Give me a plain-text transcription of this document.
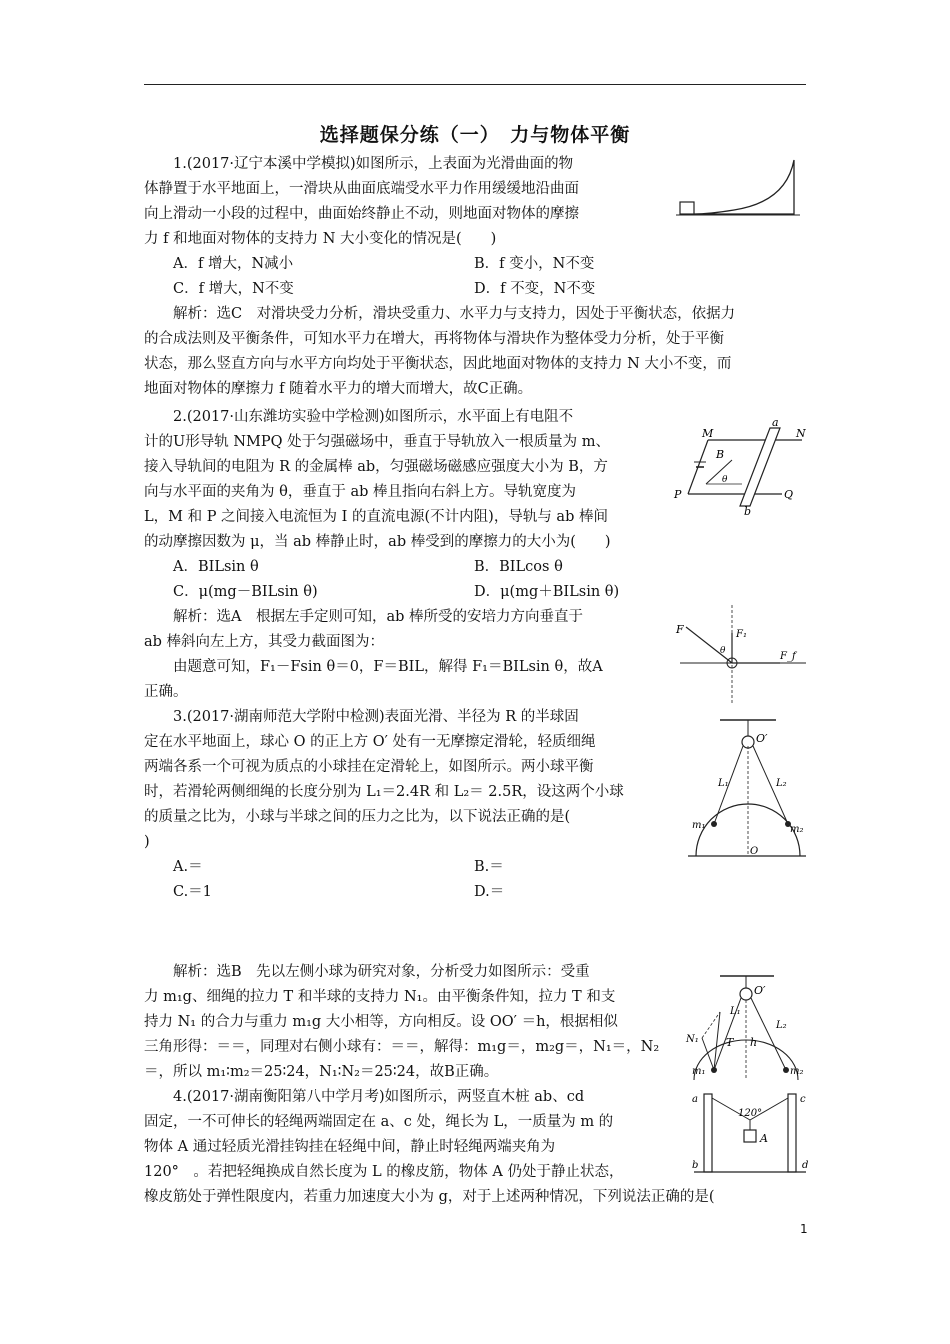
选择题保分练（一）　力与物体平衡

1.(2017·辽宁本溪中学模拟)如图所示，上表面为光滑曲面的物

体静置于水平地面上，一滑块从曲面底端受水平力作用缓缓地沿曲面

向上滑动一小段的过程中，曲面始终静止不动，则地面对物体的摩擦

力 f 和地面对物体的支持力 N 大小变化的情况是(　　)

A．f 增大，N减小	B．f 变小，N不变
C．f 增大，N不变	D．f 不变，N不变

解析：选C　对滑块受力分析，滑块受重力、水平力与支持力，因处于平衡状态，依据力

的合成法则及平衡条件，可知水平力在增大，再将物体与滑块作为整体受力分析，处于平衡

状态，那么竖直方向与水平方向均处于平衡状态，因此地面对物体的支持力 N 大小不变，而

地面对物体的摩擦力 f 随着水平力的增大而增大，故C正确。

2.(2017·山东潍坊实验中学检测)如图所示，水平面上有电阻不

计的U形导轨 NMPQ 处于匀强磁场中，垂直于导轨放入一根质量为 m、

接入导轨间的电阻为 R 的金属棒 ab，匀强磁场磁感应强度大小为 B，方

向与水平面的夹角为 θ，垂直于 ab 棒且指向右斜上方。导轨宽度为

L，M 和 P 之间接入电流恒为 I 的直流电源(不计内阻)，导轨与 ab 棒间

的动摩擦因数为 μ，当 ab 棒静止时，ab 棒受到的摩擦力的大小为(　　)

A．BILsin θ	B．BILcos θ
C．μ(mg－BILsin θ)	D．μ(mg＋BILsin θ)

解析：选A　根据左手定则可知，ab 棒所受的安培力方向垂直于

ab 棒斜向左上方，其受力截面图为：

由题意可知，F₁－Fsin θ＝0，F＝BIL，解得 F₁＝BILsin θ，故A

正确。

M	N
P	Q
a
b
B
θ
F	F₁
F_f
θ

3.(2017·湖南师范大学附中检测)表面光滑、半径为 R 的半球固

定在水平地面上，球心 O 的正上方 O′ 处有一无摩擦定滑轮，轻质细绳

两端各系一个可视为质点的小球挂在定滑轮上，如图所示。两小球平衡

时，若滑轮两侧细绳的长度分别为 L₁＝2.4R 和 L₂＝ 2.5R，设这两个小球

的质量之比为，小球与半球之间的压力之比为，以下说法正确的是(

)

A.＝	B.＝
C.＝1	D.＝
O′
L₁	L₂
m₁	m₂
O

解析：选B　先以左侧小球为研究对象，分析受力如图所示：受重

力 m₁g、细绳的拉力 T 和半球的支持力 N₁。由平衡条件知，拉力 T 和支

持力 N₁ 的合力与重力 m₁g 大小相等，方向相反。设 OO′ ＝h，根据相似

三角形得：＝＝，同理对右侧小球有：＝＝，解得：m₁g＝，m₂g＝，N₁＝，N₂

＝，所以 m₁∶m₂＝25∶24，N₁∶N₂＝25∶24，故B正确。

4.(2017·湖南衡阳第八中学月考)如图所示，两竖直木桩 ab、cd

固定，一不可伸长的轻绳两端固定在 a、c 处，绳长为 L，一质量为 m 的

物体 A 通过轻质光滑挂钩挂在轻绳中间，静止时轻绳两端夹角为

120°　。若把轻绳换成自然长度为 L 的橡皮筋，物体 A 仍处于静止状态，

橡皮筋处于弹性限度内，若重力加速度大小为 g，对于上述两种情况，下列说法正确的是(

O′
L₁
L₂
T h
N₁
m₁	m₂
a	c
b	d
120°
A
1
